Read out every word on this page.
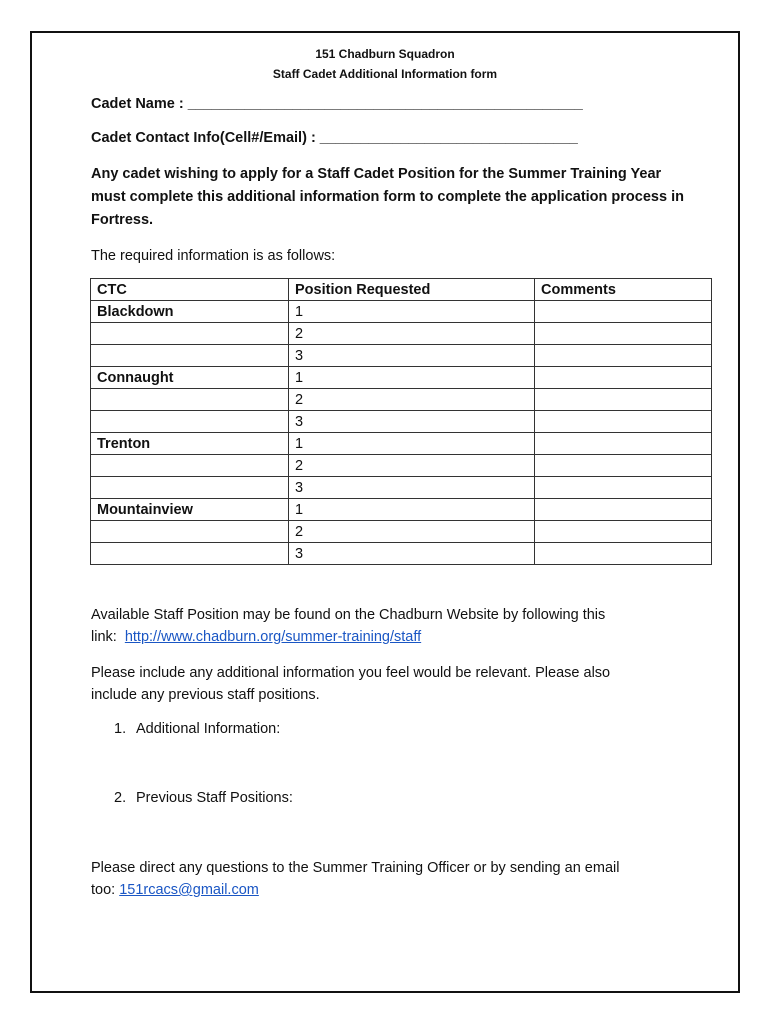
151 Chadburn Squadron
Staff Cadet Additional Information form
Cadet Name : _________________________________________________
Cadet Contact Info(Cell#/Email) : ________________________________
Any cadet wishing to apply for a Staff Cadet Position for the Summer Training Year must complete this additional information form to complete the application process in Fortress.
The required information is as follows:
CTC	Position Requested	Comments
Blackdown	1	
	2	
	3	
Connaught	1	
	2	
	3	
Trenton	1	
	2	
	3	
Mountainview	1	
	2	
	3	
Available Staff Position may be found on the Chadburn Website by following this
link:  http://www.chadburn.org/summer-training/staff
Please include any additional information you feel would be relevant. Please also
include any previous staff positions.
1. Additional Information:
2. Previous Staff Positions:
Please direct any questions to the Summer Training Officer or by sending an email
too: 151rcacs@gmail.com
